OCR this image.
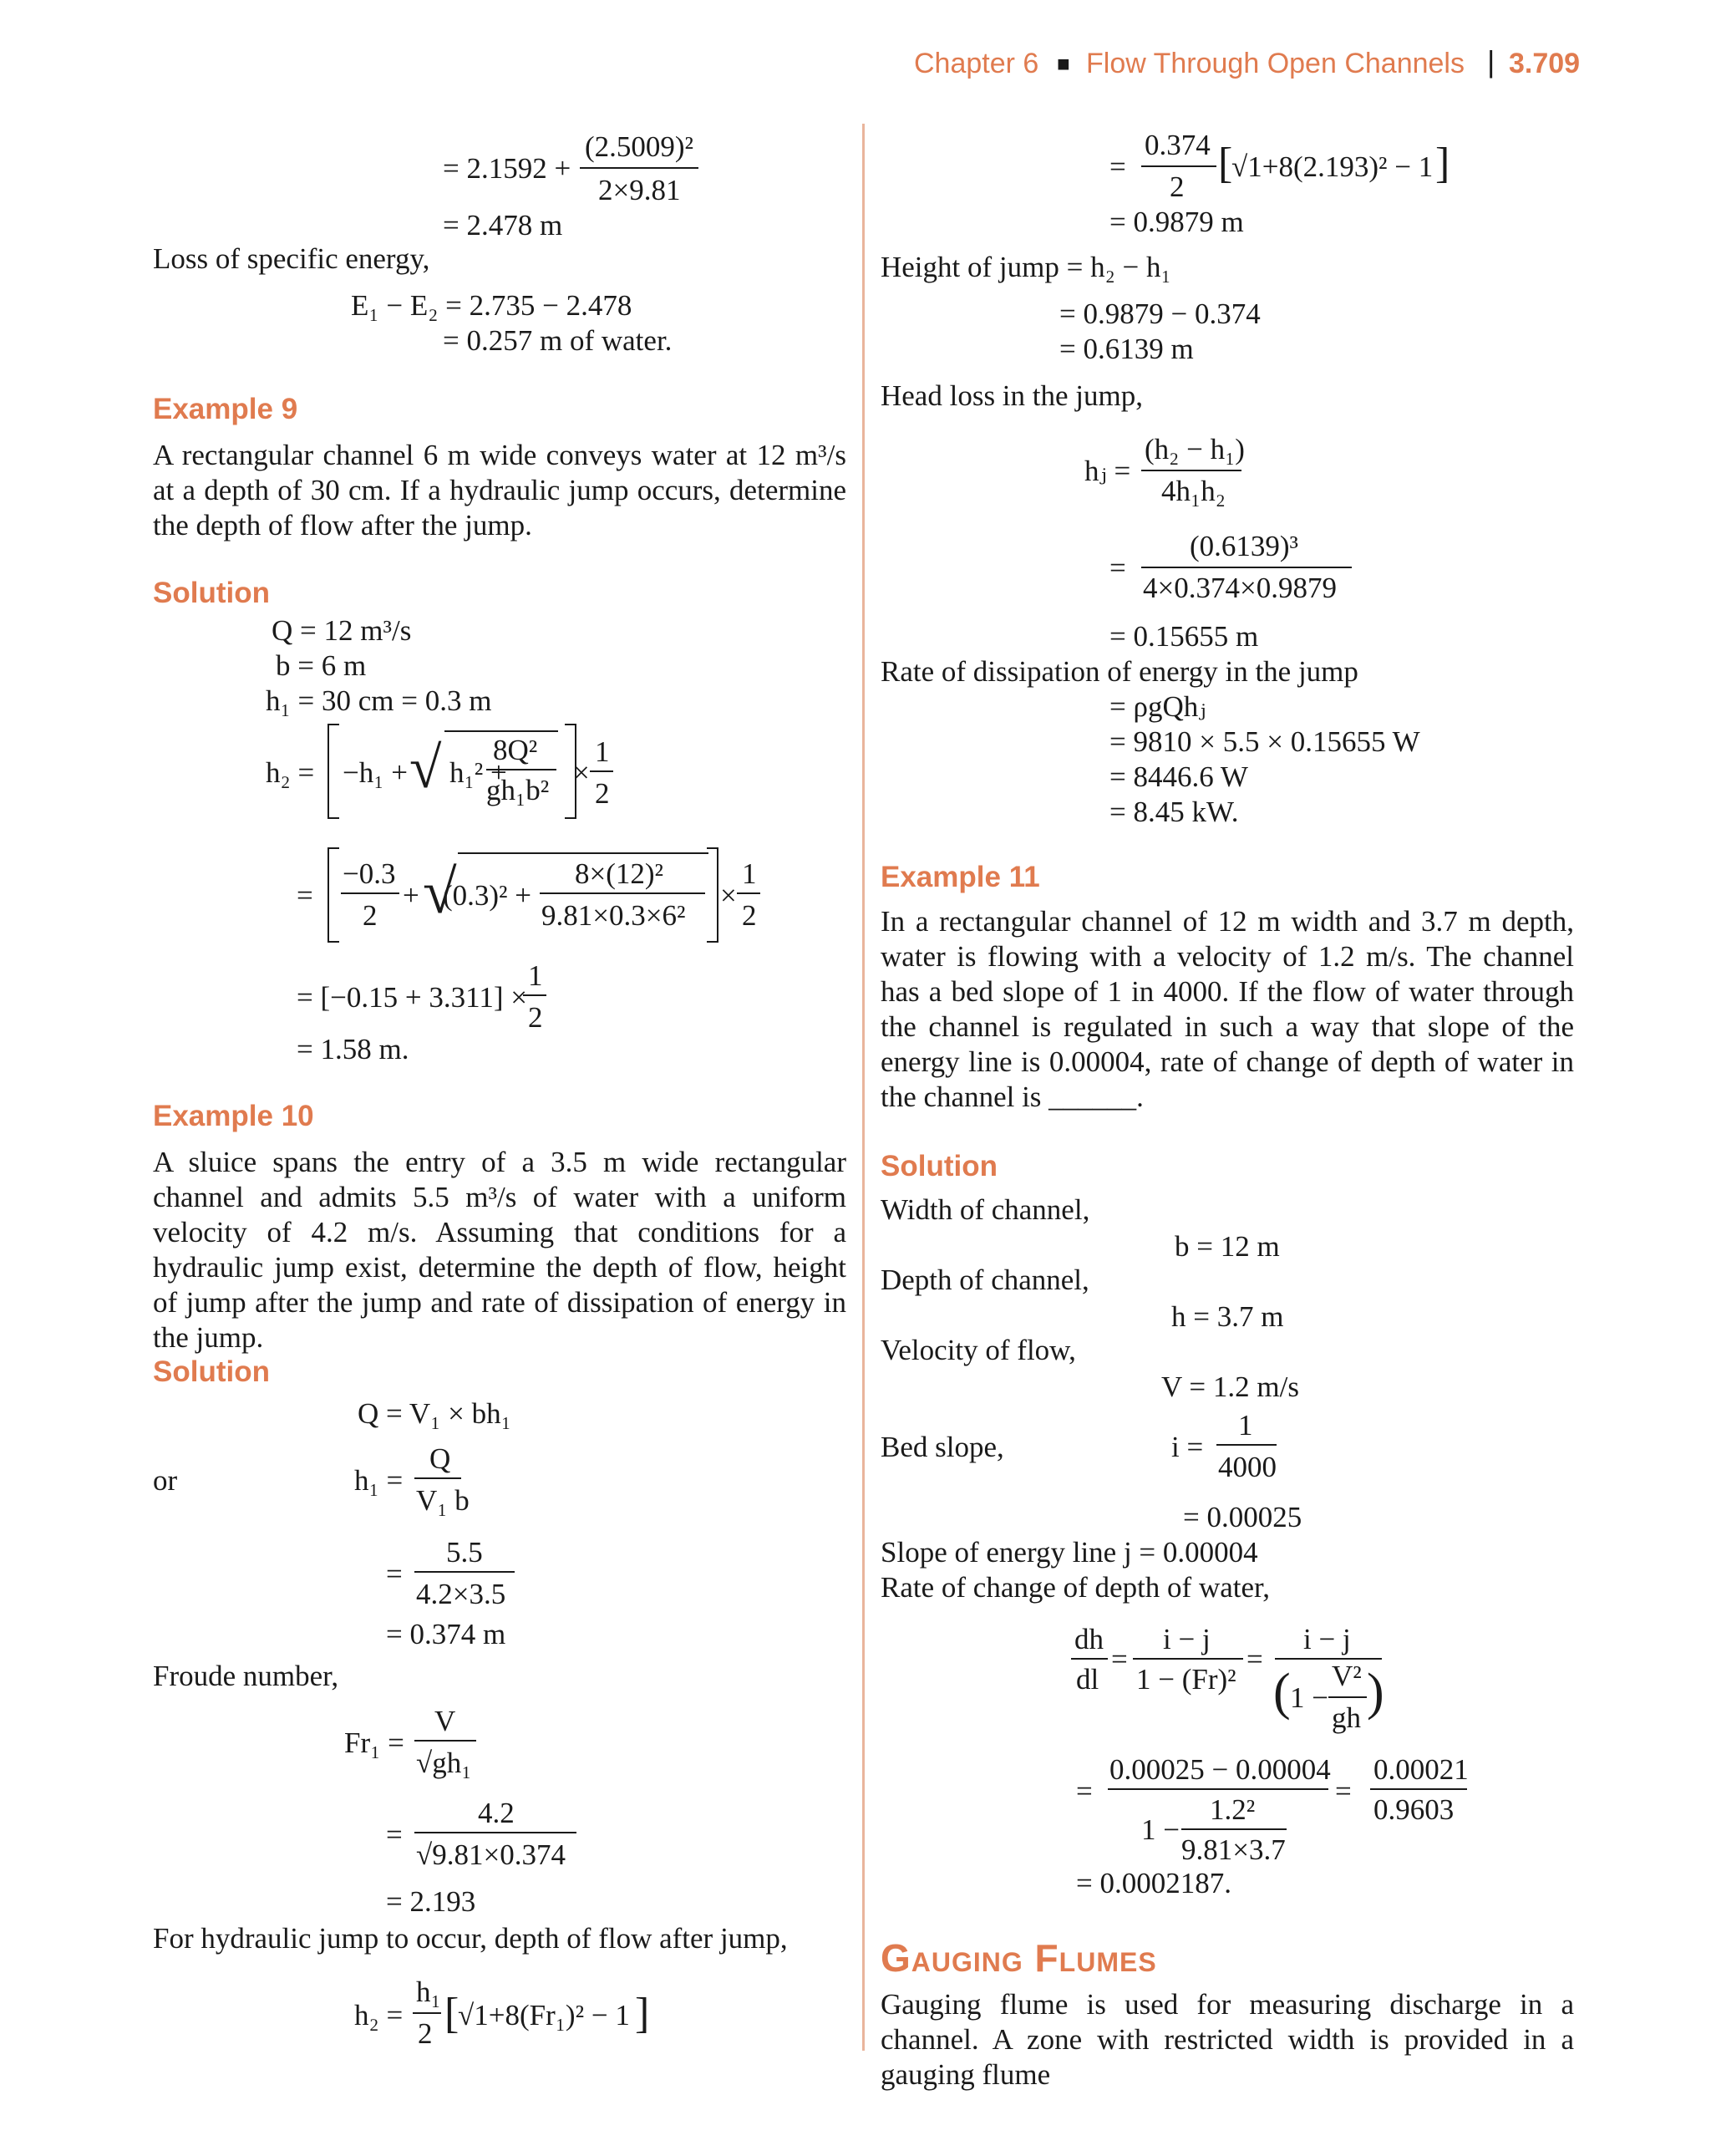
Chapter 6 ■ Flow Through Open Channels | 3.709
= 2.1592 +
(2.5009)²
2×9.81
= 2.478 m
Loss of specific energy,
E₁ − E₂ = 2.735 − 2.478
= 0.257 m of water.
Example 9
A rectangular channel 6 m wide conveys water at 12 m³/s at a depth of 30 cm. If a hydraulic jump occurs, determine the depth of flow after the jump.
Solution
Q = 12 m³/s
b = 6 m
h₁ = 30 cm = 0.3 m
h₂ = −h₁ + √ h₁² +
8Q²
gh₁b²
×
1
2
=
−0.3
2
+ √
(0.3)² +
8×(12)²
9.81×0.3×6²
×
1
2
= [−0.15 + 3.311] ×
1
2
= 1.58 m.
Example 10
A sluice spans the entry of a 3.5 m wide rectangular channel and admits 5.5 m³/s of water with a uniform velocity of 4.2 m/s. Assuming that conditions for a hydraulic jump exist, determine the depth of flow, height of jump after the jump and rate of dissipation of energy in the jump.
Solution
Q = V₁ × bh₁
or	h₁ =
Q
V₁ b
=
5.5
4.2×3.5
= 0.374 m
Froude number,
Fr₁ =
V
√gh₁
=
4.2
√9.81×0.374
= 2.193
For hydraulic jump to occur, depth of flow after jump,
h₂ =
h₁
2 [
√1+8(Fr₁)² − 1 ]
=
0.374
2 [
√1+8(2.193)² − 1 ]
= 0.9879 m
Height of jump = h₂ − h₁
= 0.9879 − 0.374
= 0.6139 m
Head loss in the jump,
hⱼ =
(h₂ − h₁)
4h₁h₂
=
(0.6139)³
4×0.374×0.9879
= 0.15655 m
Rate of dissipation of energy in the jump
= ρgQhⱼ
= 9810 × 5.5 × 0.15655 W
= 8446.6 W
= 8.45 kW.
Example 11
In a rectangular channel of 12 m width and 3.7 m depth, water is flowing with a velocity of 1.2 m/s. The channel has a bed slope of 1 in 4000. If the flow of water through the channel is regulated in such a way that slope of the energy line is 0.00004, rate of change of depth of water in the channel is ______.
Solution
Width of channel,
b = 12 m
Depth of channel,
h = 3.7 m
Velocity of flow,
V = 1.2 m/s
Bed slope,	i =
1
4000
= 0.00025
Slope of energy line j = 0.00004
Rate of change of depth of water,
dh
dl
=
i − j
1 − (Fr)²
=
i − j
( 1 −
V²
gh )
=
0.00025 − 0.00004
1 −
1.2²
9.81×3.7
=
0.00021
0.9603
= 0.0002187.
Gauging Flumes
Gauging flume is used for measuring discharge in a channel. A zone with restricted width is provided in a gauging flume
